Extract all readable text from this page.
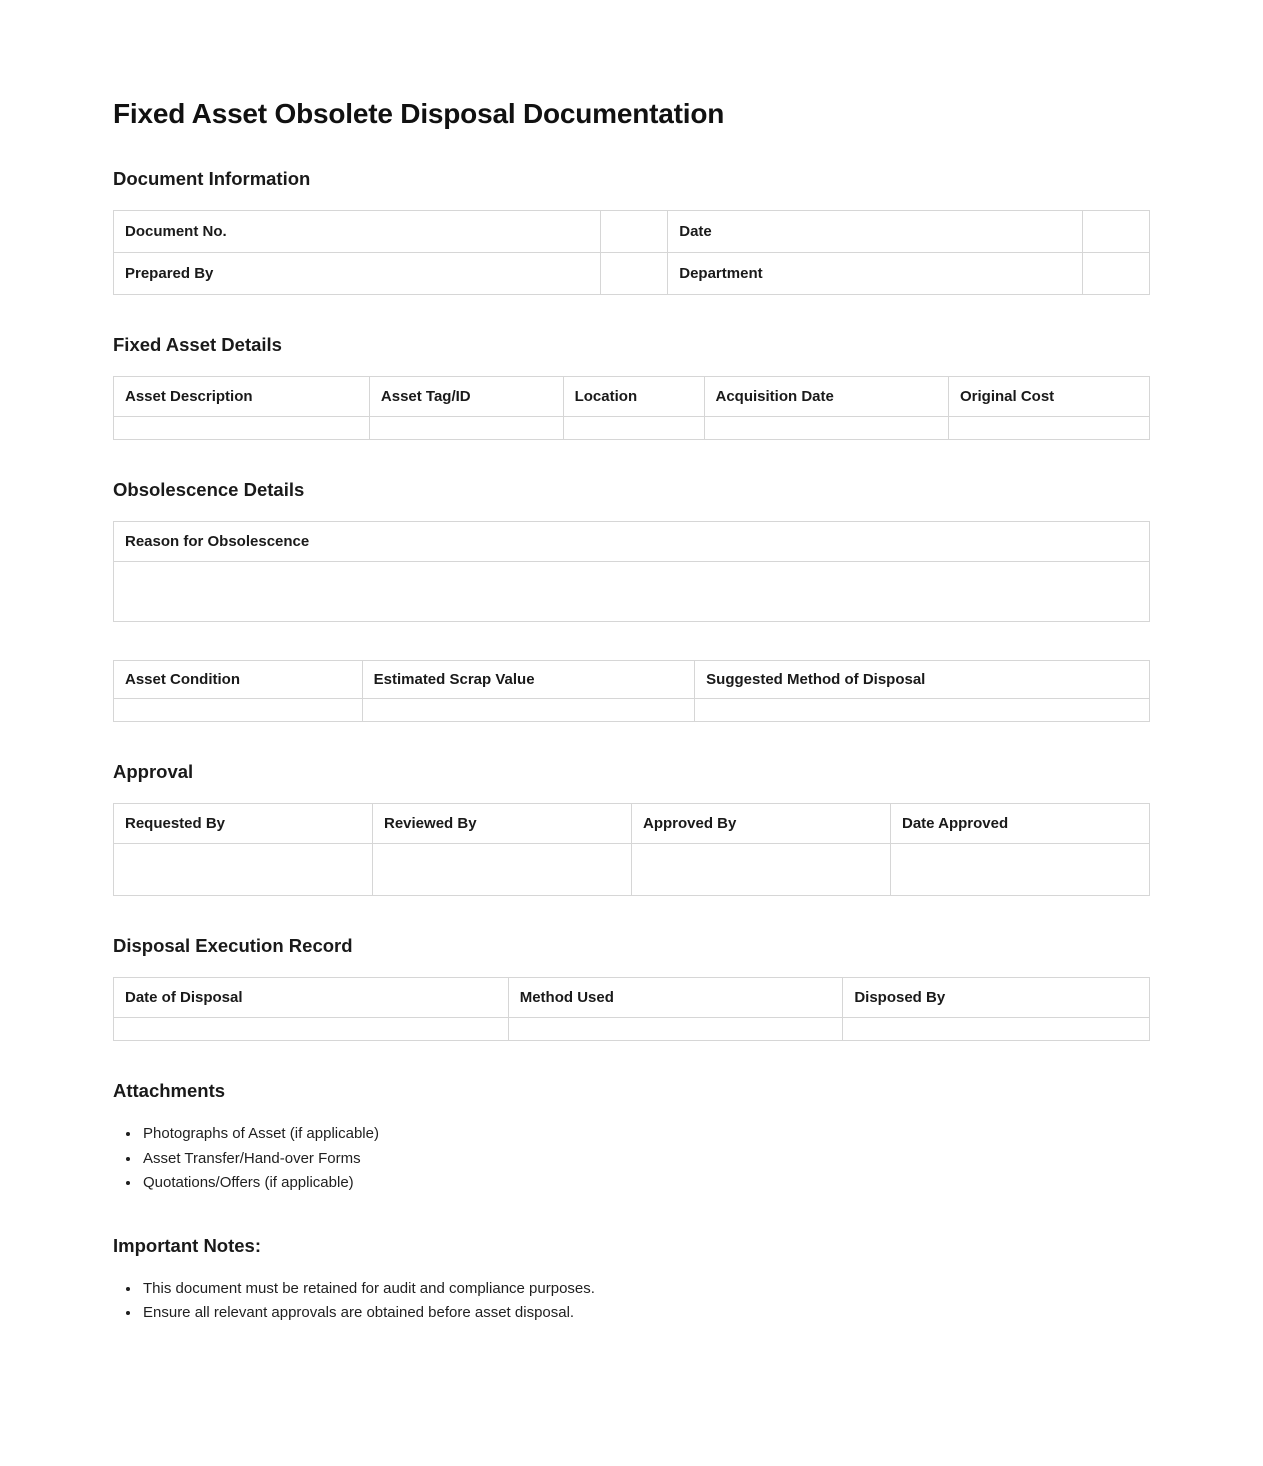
Fixed Asset Obsolete Disposal Documentation
Document Information
Document No.		Date	
Prepared By		Department	
Fixed Asset Details
Asset Description	Asset Tag/ID	Location	Acquisition Date	Original Cost

Obsolescence Details
Reason for Obsolescence

Asset Condition	Estimated Scrap Value	Suggested Method of Disposal

Approval
Requested By	Reviewed By	Approved By	Date Approved

Disposal Execution Record
Date of Disposal	Method Used	Disposed By

Attachments
• Photographs of Asset (if applicable)
• Asset Transfer/Hand-over Forms
• Quotations/Offers (if applicable)
Important Notes:
• This document must be retained for audit and compliance purposes.
• Ensure all relevant approvals are obtained before asset disposal.
